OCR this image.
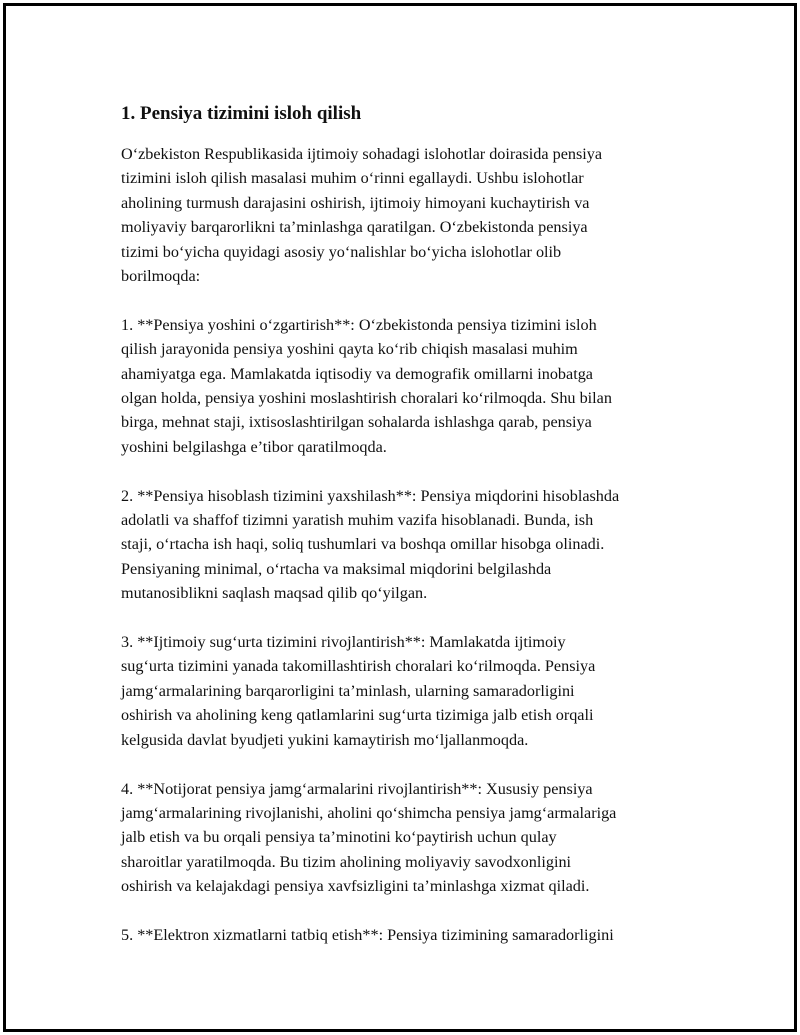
1. Pensiya tizimini isloh qilish

O‘zbekiston Respublikasida ijtimoiy sohadagi islohotlar doirasida pensiya
tizimini isloh qilish masalasi muhim o‘rinni egallaydi. Ushbu islohotlar
aholining turmush darajasini oshirish, ijtimoiy himoyani kuchaytirish va
moliyaviy barqarorlikni ta’minlashga qaratilgan. O‘zbekistonda pensiya
tizimi bo‘yicha quyidagi asosiy yo‘nalishlar bo‘yicha islohotlar olib
borilmoqda:

1. **Pensiya yoshini o‘zgartirish**: O‘zbekistonda pensiya tizimini isloh
qilish jarayonida pensiya yoshini qayta ko‘rib chiqish masalasi muhim
ahamiyatga ega. Mamlakatda iqtisodiy va demografik omillarni inobatga
olgan holda, pensiya yoshini moslashtirish choralari ko‘rilmoqda. Shu bilan
birga, mehnat staji, ixtisoslashtirilgan sohalarda ishlashga qarab, pensiya
yoshini belgilashga e’tibor qaratilmoqda.

2. **Pensiya hisoblash tizimini yaxshilash**: Pensiya miqdorini hisoblashda
adolatli va shaffof tizimni yaratish muhim vazifa hisoblanadi. Bunda, ish
staji, o‘rtacha ish haqi, soliq tushumlari va boshqa omillar hisobga olinadi.
Pensiyaning minimal, o‘rtacha va maksimal miqdorini belgilashda
mutanosiblikni saqlash maqsad qilib qo‘yilgan.

3. **Ijtimoiy sug‘urta tizimini rivojlantirish**: Mamlakatda ijtimoiy
sug‘urta tizimini yanada takomillashtirish choralari ko‘rilmoqda. Pensiya
jamg‘armalarining barqarorligini ta’minlash, ularning samaradorligini
oshirish va aholining keng qatlamlarini sug‘urta tizimiga jalb etish orqali
kelgusida davlat byudjeti yukini kamaytirish mo‘ljallanmoqda.

4. **Notijorat pensiya jamg‘armalarini rivojlantirish**: Xususiy pensiya
jamg‘armalarining rivojlanishi, aholini qo‘shimcha pensiya jamg‘armalariga
jalb etish va bu orqali pensiya ta’minotini ko‘paytirish uchun qulay
sharoitlar yaratilmoqda. Bu tizim aholining moliyaviy savodxonligini
oshirish va kelajakdagi pensiya xavfsizligini ta’minlashga xizmat qiladi.

5. **Elektron xizmatlarni tatbiq etish**: Pensiya tizimining samaradorligini
